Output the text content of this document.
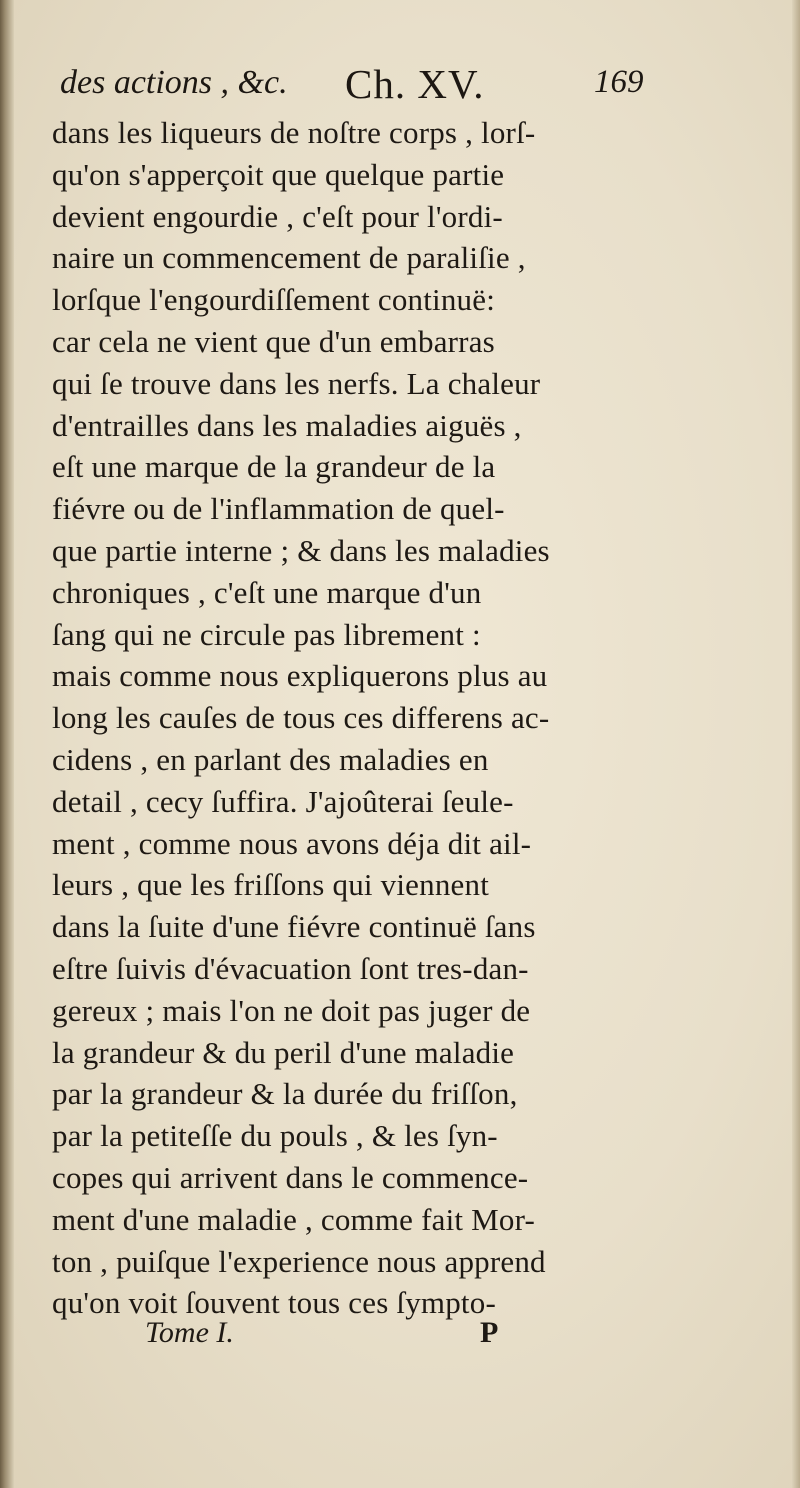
des actions , &c. Ch. XV.	169
dans les liqueurs de noſtre corps , lorſ-
qu'on s'apperçoit que quelque partie
devient engourdie , c'eſt pour l'ordi-
naire un commencement de paraliſie ,
lorſque l'engourdiſſement continuë:
car cela ne vient que d'un embarras
qui ſe trouve dans les nerfs. La chaleur
d'entrailles dans les maladies aiguës ,
eſt une marque de la grandeur de la
fiévre ou de l'inflammation de quel-
que partie interne ; & dans les maladies
chroniques , c'eſt une marque d'un
ſang qui ne circule pas librement :
mais comme nous expliquerons plus au
long les cauſes de tous ces differens ac-
cidens , en parlant des maladies en
detail , cecy ſuffira. J'ajoûterai ſeule-
ment , comme nous avons déja dit ail-
leurs , que les friſſons qui viennent
dans la ſuite d'une fiévre continuë ſans
eſtre ſuivis d'évacuation ſont tres-dan-
gereux ; mais l'on ne doit pas juger de
la grandeur & du peril d'une maladie
par la grandeur & la durée du friſſon,
par la petiteſſe du pouls , & les ſyn-
copes qui arrivent dans le commence-
ment d'une maladie , comme fait Mor-
ton , puiſque l'experience nous apprend
qu'on voit ſouvent tous ces ſympto-
Tome I.	P
